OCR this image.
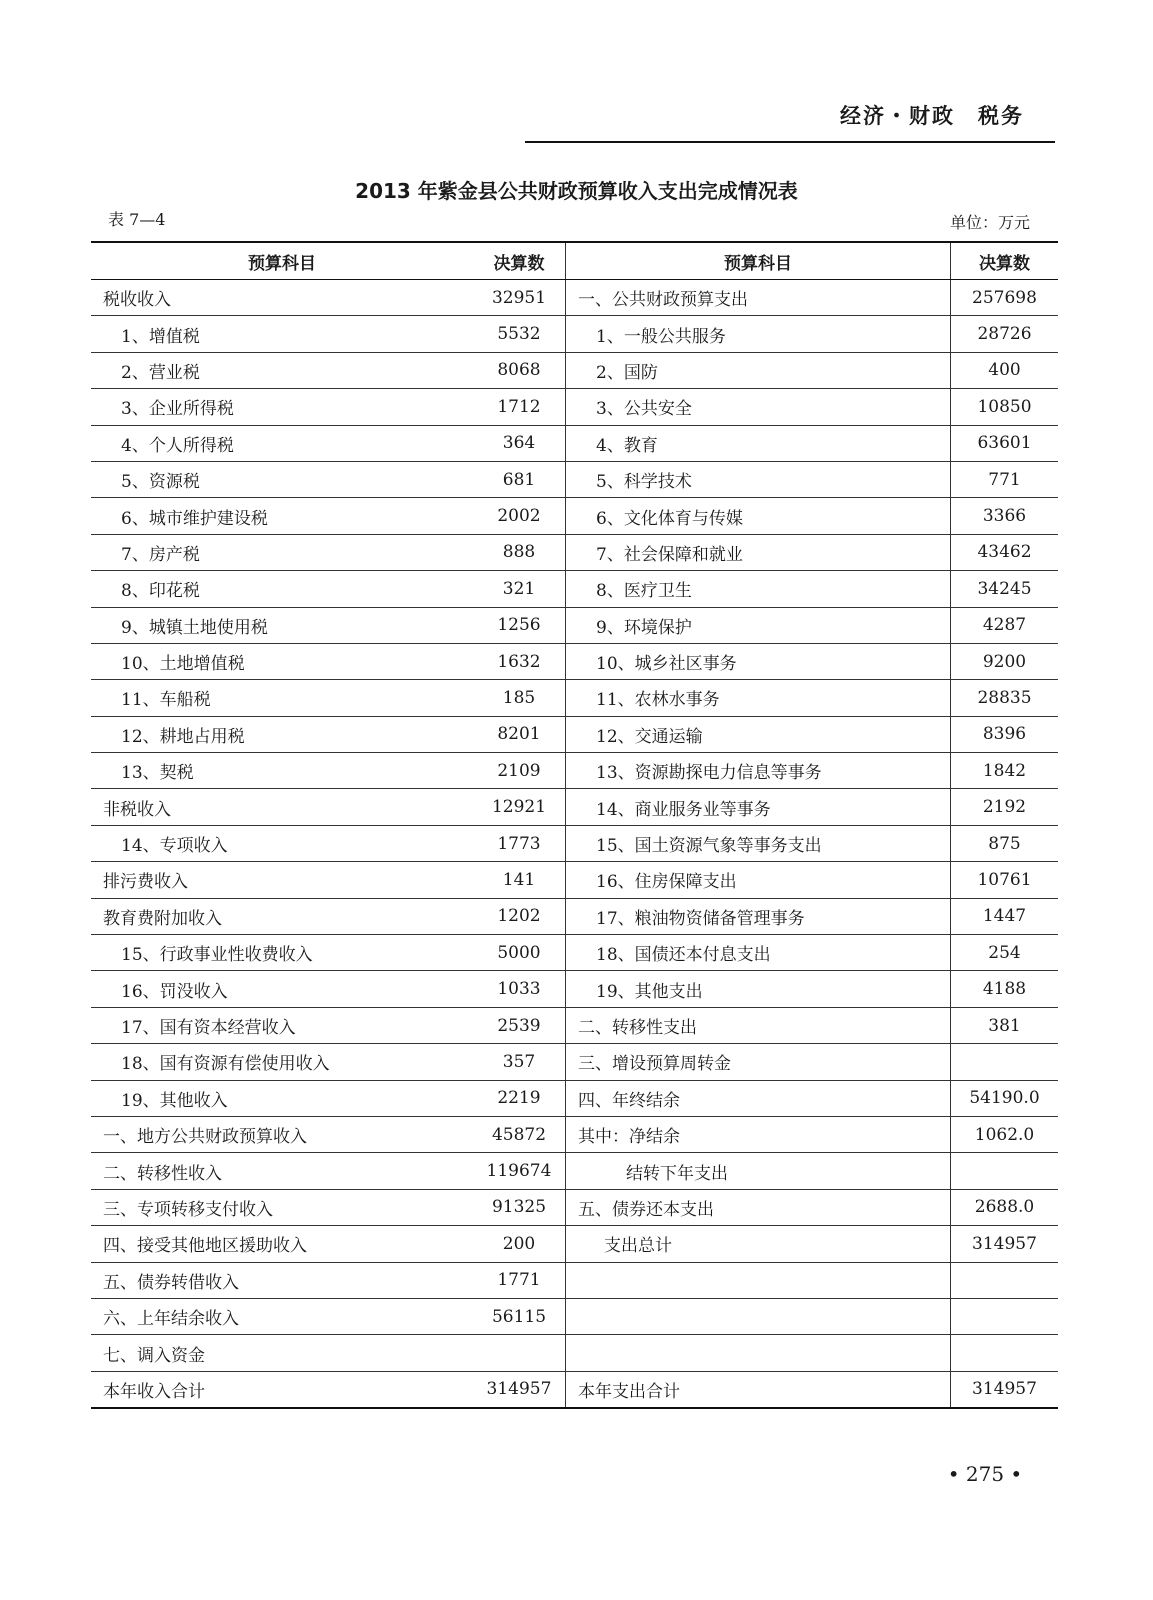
经济・财政　税务
2013 年紫金县公共财政预算收入支出完成情况表
表 7—4	单位：万元
预算科目	决算数	预算科目	决算数
税收收入	32951	一、公共财政预算支出	257698
1、增值税	5532	1、一般公共服务	28726
2、营业税	8068	2、国防	400
3、企业所得税	1712	3、公共安全	10850
4、个人所得税	364	4、教育	63601
5、资源税	681	5、科学技术	771
6、城市维护建设税	2002	6、文化体育与传媒	3366
7、房产税	888	7、社会保障和就业	43462
8、印花税	321	8、医疗卫生	34245
9、城镇土地使用税	1256	9、环境保护	4287
10、土地增值税	1632	10、城乡社区事务	9200
11、车船税	185	11、农林水事务	28835
12、耕地占用税	8201	12、交通运输	8396
13、契税	2109	13、资源勘探电力信息等事务	1842
非税收入	12921	14、商业服务业等事务	2192
14、专项收入	1773	15、国土资源气象等事务支出	875
排污费收入	141	16、住房保障支出	10761
教育费附加收入	1202	17、粮油物资储备管理事务	1447
15、行政事业性收费收入	5000	18、国债还本付息支出	254
16、罚没收入	1033	19、其他支出	4188
17、国有资本经营收入	2539	二、转移性支出	381
18、国有资源有偿使用收入	357	三、增设预算周转金	
19、其他收入	2219	四、年终结余	54190.0
一、地方公共财政预算收入	45872	其中：净结余	1062.0
二、转移性收入	119674	结转下年支出	
三、专项转移支付收入	91325	五、债券还本支出	2688.0
四、接受其他地区援助收入	200	支出总计	314957
五、债券转借收入	1771		
六、上年结余收入	56115		
七、调入资金			
本年收入合计	314957	本年支出合计	314957
• 275 •
